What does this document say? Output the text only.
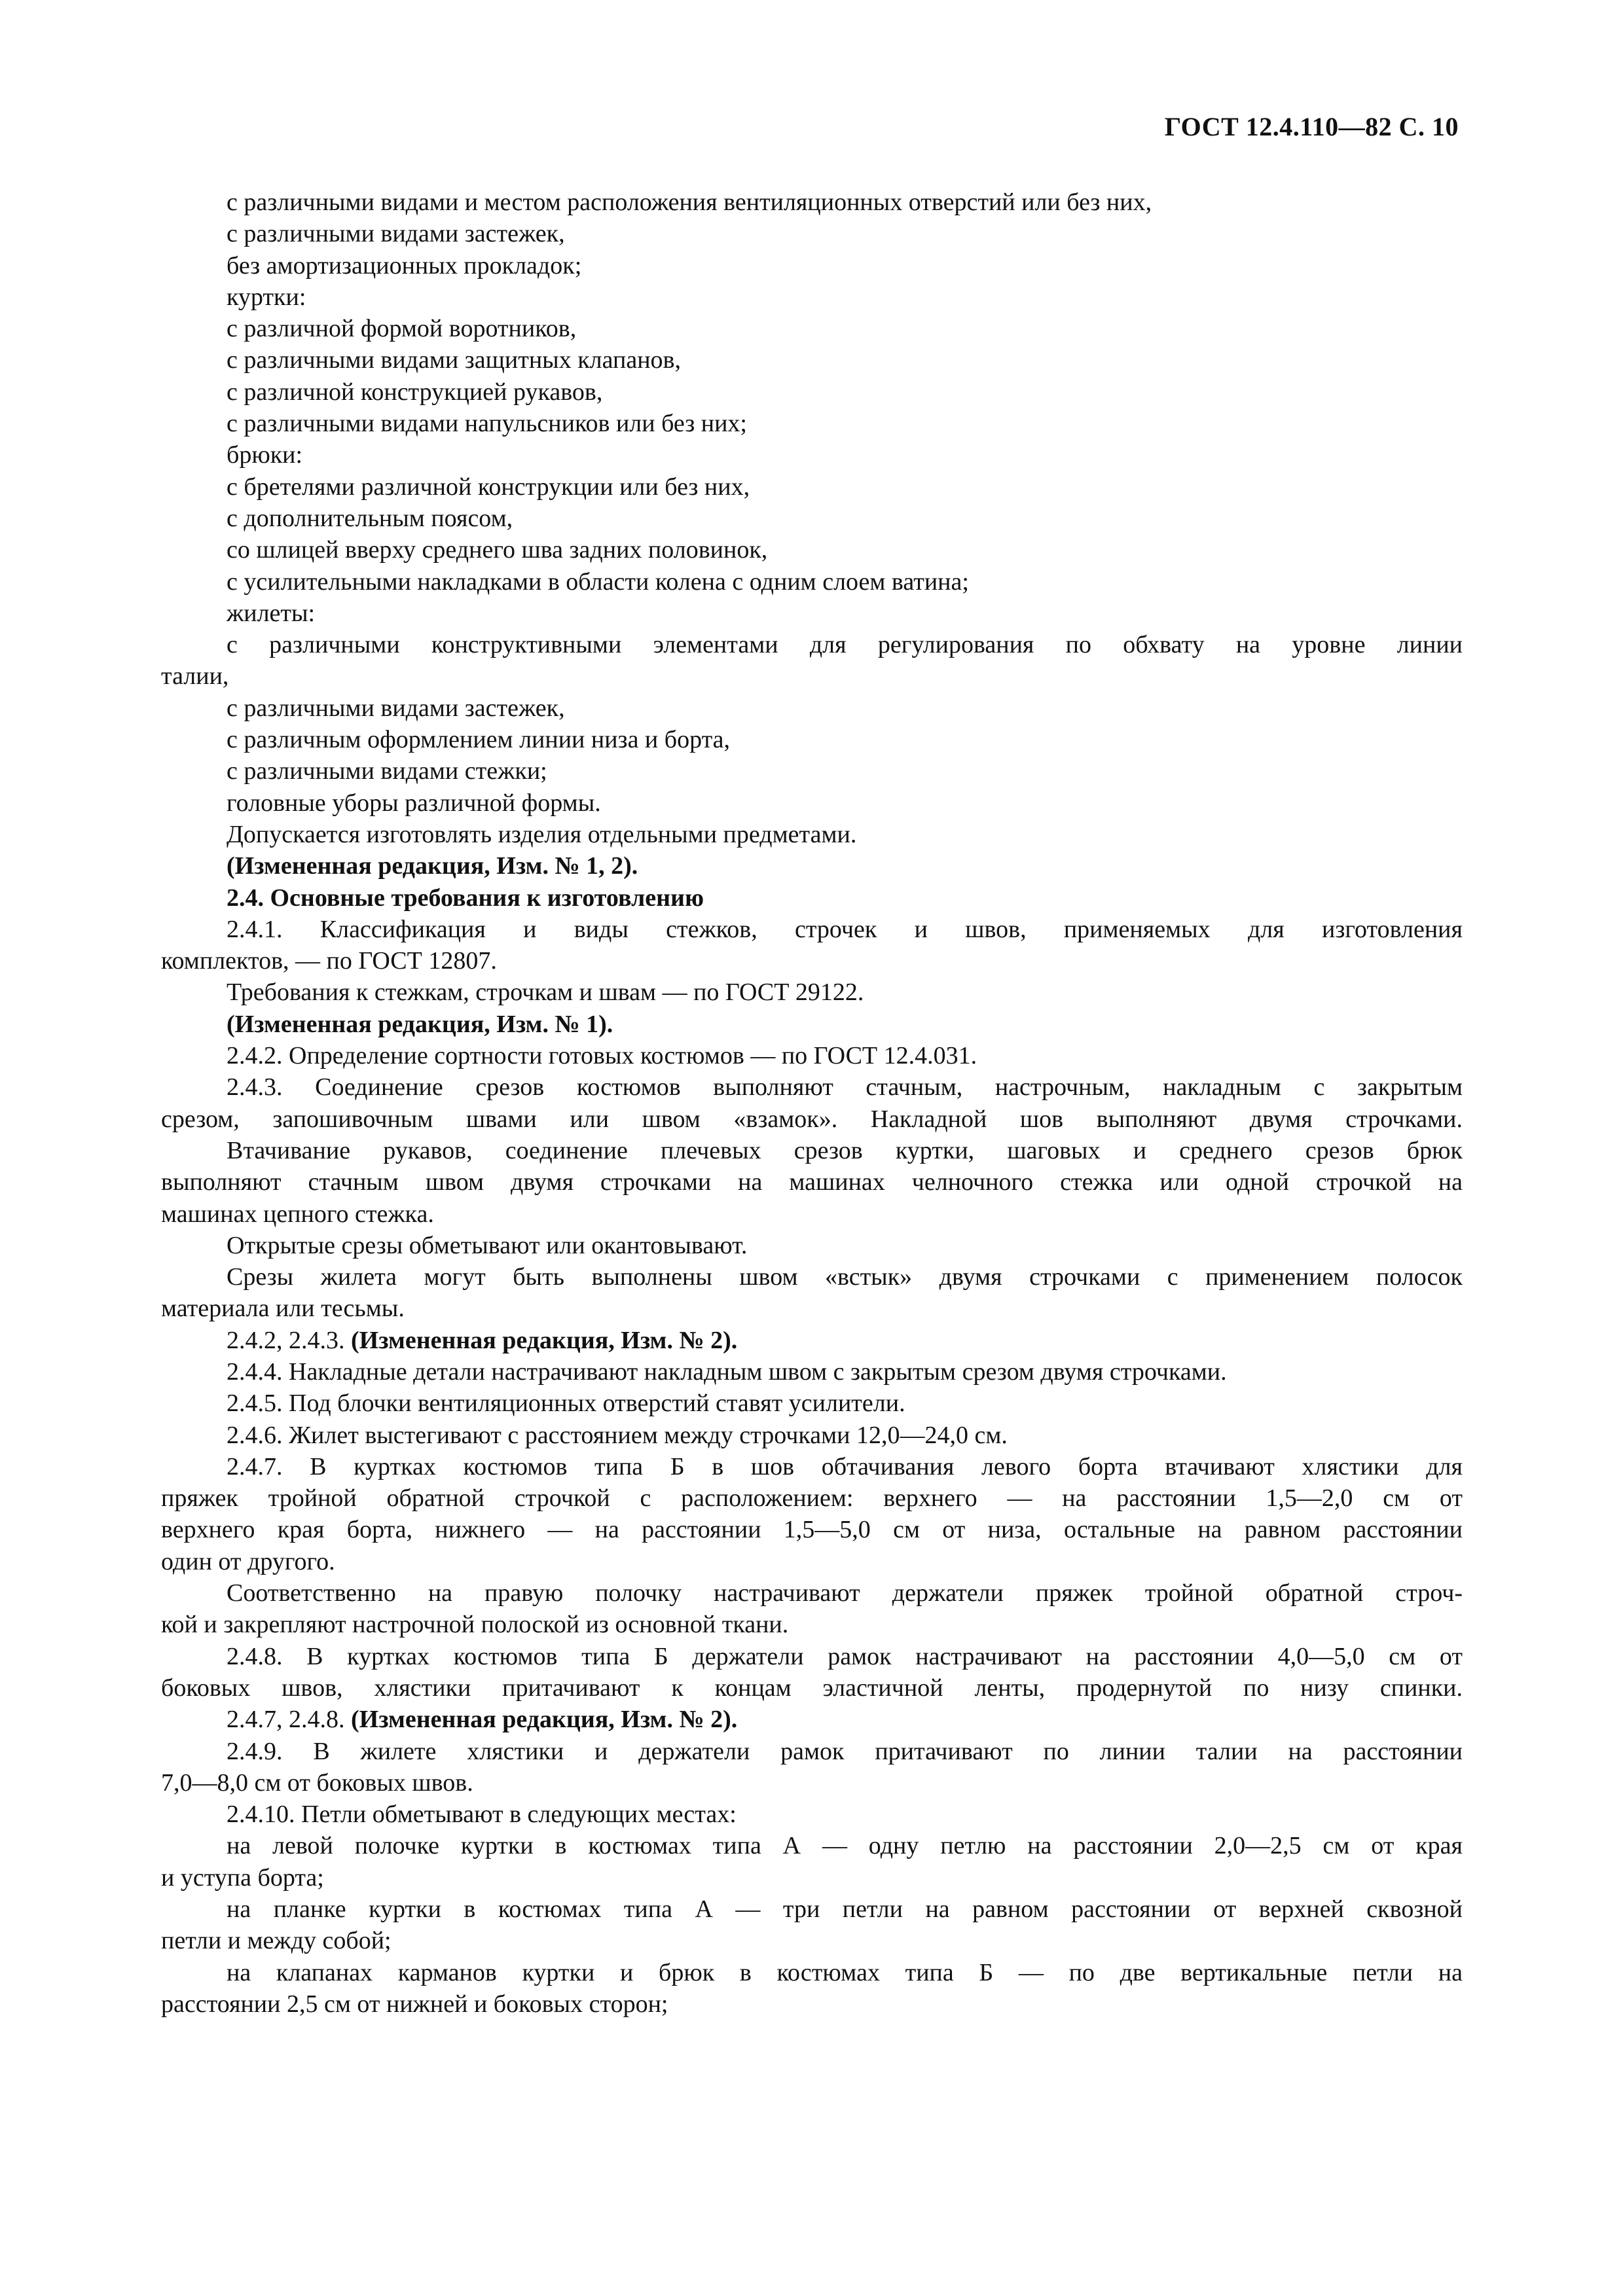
ГОСТ 12.4.110—82 С. 10

с различными видами и местом расположения вентиляционных отверстий или без них,

с различными видами застежек,

без амортизационных прокладок;

куртки:

с различной формой воротников,

с различными видами защитных клапанов,

с различной конструкцией рукавов,

с различными видами напульсников или без них;

брюки:

с бретелями различной конструкции или без них,

с дополнительным поясом,

со шлицей вверху среднего шва задних половинок,

с усилительными накладками в области колена с одним слоем ватина;

жилеты:

с различными конструктивными элементами для регулирования по обхвату на уровне линии

талии,

с различными видами застежек,

с различным оформлением линии низа и борта,

с различными видами стежки;

головные уборы различной формы.

Допускается изготовлять изделия отдельными предметами.

(Измененная редакция, Изм. № 1, 2).

2.4. Основные требования к изготовлению

2.4.1. Классификация и виды стежков, строчек и швов, применяемых для изготовления

комплектов, — по ГОСТ 12807.

Требования к стежкам, строчкам и швам — по ГОСТ 29122.

(Измененная редакция, Изм. № 1).

2.4.2. Определение сортности готовых костюмов — по ГОСТ 12.4.031.

2.4.3. Соединение срезов костюмов выполняют стачным, настрочным, накладным с закрытым

срезом, запошивочным швами или швом «взамок». Накладной шов выполняют двумя строчками.

Втачивание рукавов, соединение плечевых срезов куртки, шаговых и среднего срезов брюк

выполняют стачным швом двумя строчками на машинах челночного стежка или одной строчкой на

машинах цепного стежка.

Открытые срезы обметывают или окантовывают.

Срезы жилета могут быть выполнены швом «встык» двумя строчками с применением полосок

материала или тесьмы.

2.4.2, 2.4.3. (Измененная редакция, Изм. № 2).

2.4.4. Накладные детали настрачивают накладным швом с закрытым срезом двумя строчками.

2.4.5. Под блочки вентиляционных отверстий ставят усилители.

2.4.6. Жилет выстегивают с расстоянием между строчками 12,0—24,0 см.

2.4.7. В куртках костюмов типа Б в шов обтачивания левого борта втачивают хлястики для

пряжек тройной обратной строчкой с расположением: верхнего — на расстоянии 1,5—2,0 см от

верхнего края борта, нижнего — на расстоянии 1,5—5,0 см от низа, остальные на равном расстоянии

один от другого.

Соответственно на правую полочку настрачивают держатели пряжек тройной обратной строч-

кой и закрепляют настрочной полоской из основной ткани.

2.4.8. В куртках костюмов типа Б держатели рамок настрачивают на расстоянии 4,0—5,0 см от

боковых швов, хлястики притачивают к концам эластичной ленты, продернутой по низу спинки.

2.4.7, 2.4.8. (Измененная редакция, Изм. № 2).

2.4.9. В жилете хлястики и держатели рамок притачивают по линии талии на расстоянии

7,0—8,0 см от боковых швов.

2.4.10. Петли обметывают в следующих местах:

на левой полочке куртки в костюмах типа А — одну петлю на расстоянии 2,0—2,5 см от края

и уступа борта;

на планке куртки в костюмах типа А — три петли на равном расстоянии от верхней сквозной

петли и между собой;

на клапанах карманов куртки и брюк в костюмах типа Б — по две вертикальные петли на

расстоянии 2,5 см от нижней и боковых сторон;
